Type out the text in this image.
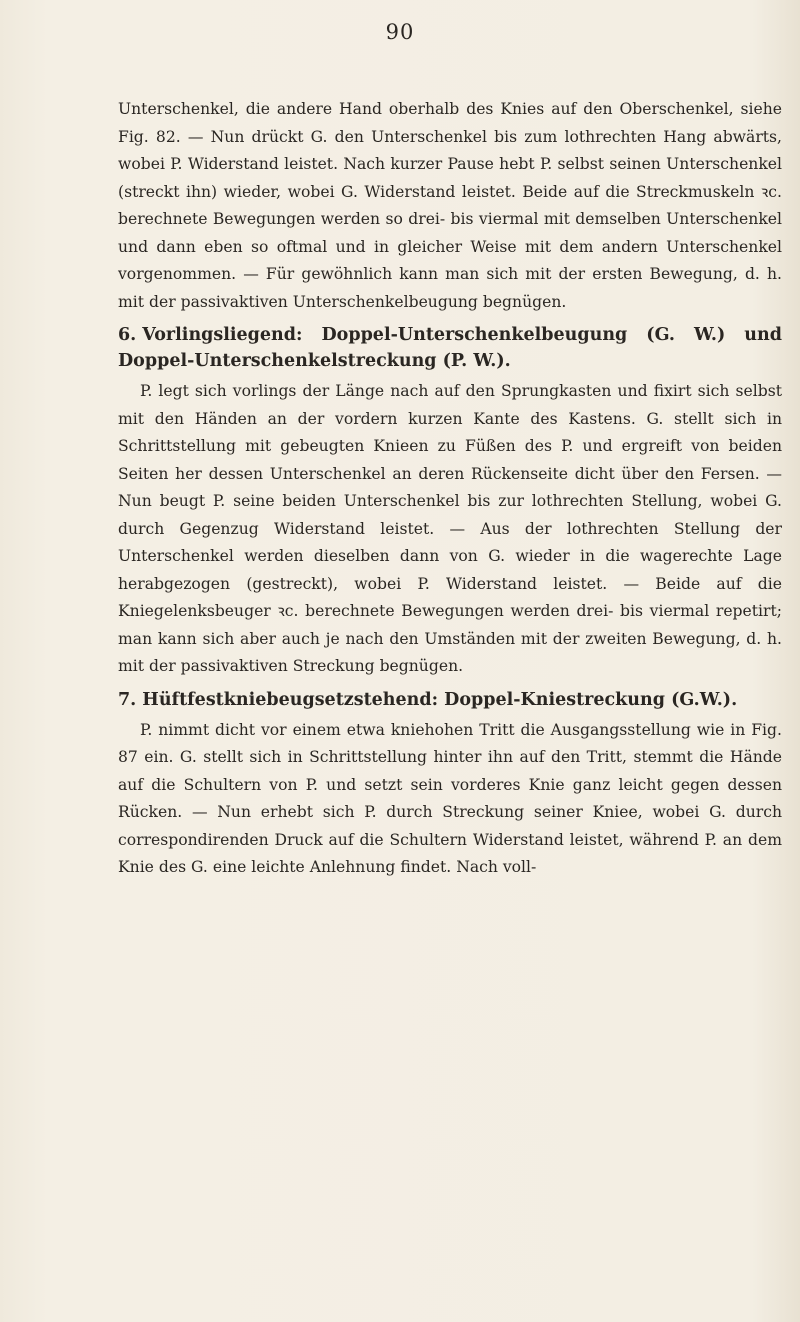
90

Unterschenkel, die andere Hand oberhalb des Knies auf den Oberschenkel, siehe Fig. 82. — Nun drückt G. den Unterschenkel bis zum lothrechten Hang abwärts, wobei P. Widerstand leistet. Nach kurzer Pause hebt P. selbst seinen Unterschenkel (streckt ihn) wieder, wobei G. Widerstand leistet. Beide auf die Streckmuskeln ꝛc. berechnete Bewegungen werden so drei- bis viermal mit demselben Unterschenkel und dann eben so oftmal und in gleicher Weise mit dem andern Unterschenkel vorgenommen. — Für gewöhnlich kann man sich mit der ersten Bewegung, d. h. mit der passivaktiven Unterschenkelbeugung begnügen.

6. Vorlingsliegend: Doppel-Unterschenkelbeugung (G. W.) und Doppel-Unterschenkelstreckung (P. W.).

P. legt sich vorlings der Länge nach auf den Sprungkasten und fixirt sich selbst mit den Händen an der vordern kurzen Kante des Kastens. G. stellt sich in Schrittstellung mit gebeugten Knieen zu Füßen des P. und ergreift von beiden Seiten her dessen Unterschenkel an deren Rückenseite dicht über den Fersen. — Nun beugt P. seine beiden Unterschenkel bis zur lothrechten Stellung, wobei G. durch Gegenzug Widerstand leistet. — Aus der lothrechten Stellung der Unterschenkel werden dieselben dann von G. wieder in die wagerechte Lage herabgezogen (gestreckt), wobei P. Widerstand leistet. — Beide auf die Kniegelenksbeuger ꝛc. berechnete Bewegungen werden drei- bis viermal repetirt; man kann sich aber auch je nach den Umständen mit der zweiten Bewegung, d. h. mit der passivaktiven Streckung begnügen.

7. Hüftfestkniebeugsetzstehend: Doppel-Kniestreckung (G.W.).

P. nimmt dicht vor einem etwa kniehohen Tritt die Ausgangsstellung wie in Fig. 87 ein. G. stellt sich in Schrittstellung hinter ihn auf den Tritt, stemmt die Hände auf die Schultern von P. und setzt sein vorderes Knie ganz leicht gegen dessen Rücken. — Nun erhebt sich P. durch Streckung seiner Kniee, wobei G. durch correspondirenden Druck auf die Schultern Widerstand leistet, während P. an dem Knie des G. eine leichte Anlehnung findet. Nach voll-
